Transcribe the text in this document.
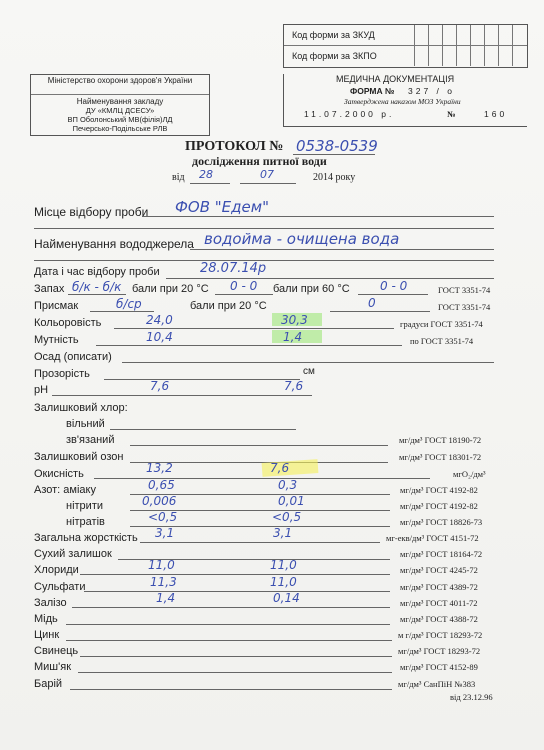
Код форми за ЗКУД
Код форми за ЗКПО
Міністерство охорони здоров'я України
Найменування закладу
ДУ «КМЛЦ ДСЕСУ»
ВП Оболонський МВ(філія)ЛД
Печерсько-Подільське РЛВ
МЕДИЧНА ДОКУМЕНТАЦІЯ
ФОРМА № 327 / о
Затверджена наказом МОЗ України
11.07.2000 р.	№	160
ПРОТОКОЛ № 0538-0539
дослідження питної води
від 28	07	2014 року
Місце відбору проби ФОВ "Едем"
Найменування вододжерела водойма - очищена вода
Дата і час відбору проби	28.07.14р
Запах б/к - б/к бали при 20 °С 0 - 0 бали при 60 °С	0 - 0	ГОСТ 3351-74
Присмак	б/ср	бали при 20 °С	0	ГОСТ 3351-74
Кольоровість	24,0	30,3	градуси ГОСТ 3351-74
Мутність	10,4	1,4	по ГОСТ 3351-74
Осад (описати)
Прозорість	см
рН	7,6	7,6
Залишковий хлор:
вільний
зв'язаний	мг/дм³ ГОСТ 18190-72
Залишковий озон	мг/дм³ ГОСТ 18301-72
Окисність	13,2	7,6	мгО₂/дм³
Азот: аміаку	0,65	0,3	мг/дм³ ГОСТ 4192-82
нітрити	0,006	0,01	мг/дм³ ГОСТ 4192-82
нітратів	<0,5	<0,5	мг/дм³ ГОСТ 18826-73
Загальна жорсткість 3,1	3,1	мг-екв/дм³ ГОСТ 4151-72
Сухий залишок	мг/дм³ ГОСТ 18164-72
Хлориди	11,0	11,0	мг/дм³ ГОСТ 4245-72
Сульфати	11,3	11,0	мг/дм³ ГОСТ 4389-72
Залізо	1,4	0,14	мг/дм³ ГОСТ 4011-72
Мідь	мг/дм³ ГОСТ 4388-72
Цинк	м г/дм³ ГОСТ 18293-72
Свинець	мг/дм³ ГОСТ 18293-72
Миш'як	мг/дм³ ГОСТ 4152-89
Барій	мг/дм³ СанПіН №383
від 23.12.96
